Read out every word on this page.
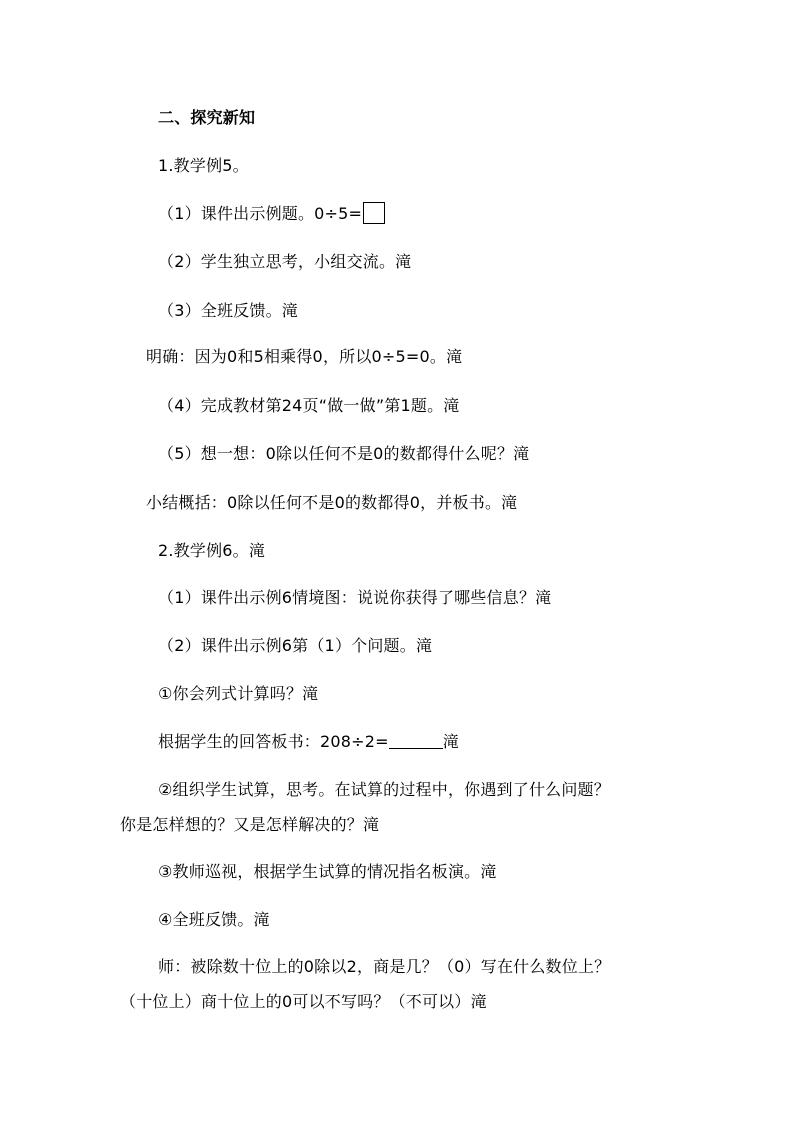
二、探究新知
1.教学例5。
（1）课件出示例题。0÷5=
（2）学生独立思考，小组交流。滝
（3）全班反馈。滝
明确：因为0和5相乘得0，所以0÷5=0。滝
（4）完成教材第24页“做一做”第1题。滝
（5）想一想：0除以任何不是0的数都得什么呢？滝
小结概括：0除以任何不是0的数都得0，并板书。滝
2.教学例6。滝
（1）课件出示例6情境图：说说你获得了哪些信息？滝
（2）课件出示例6第（1）个问题。滝
①你会列式计算吗？滝
根据学生的回答板书：208÷2=	滝
②组织学生试算，思考。在试算的过程中，你遇到了什么问题？
你是怎样想的？又是怎样解决的？滝
③教师巡视，根据学生试算的情况指名板演。滝
④全班反馈。滝
师：被除数十位上的0除以2，商是几？（0）写在什么数位上？
（十位上）商十位上的0可以不写吗？（不可以）滝
